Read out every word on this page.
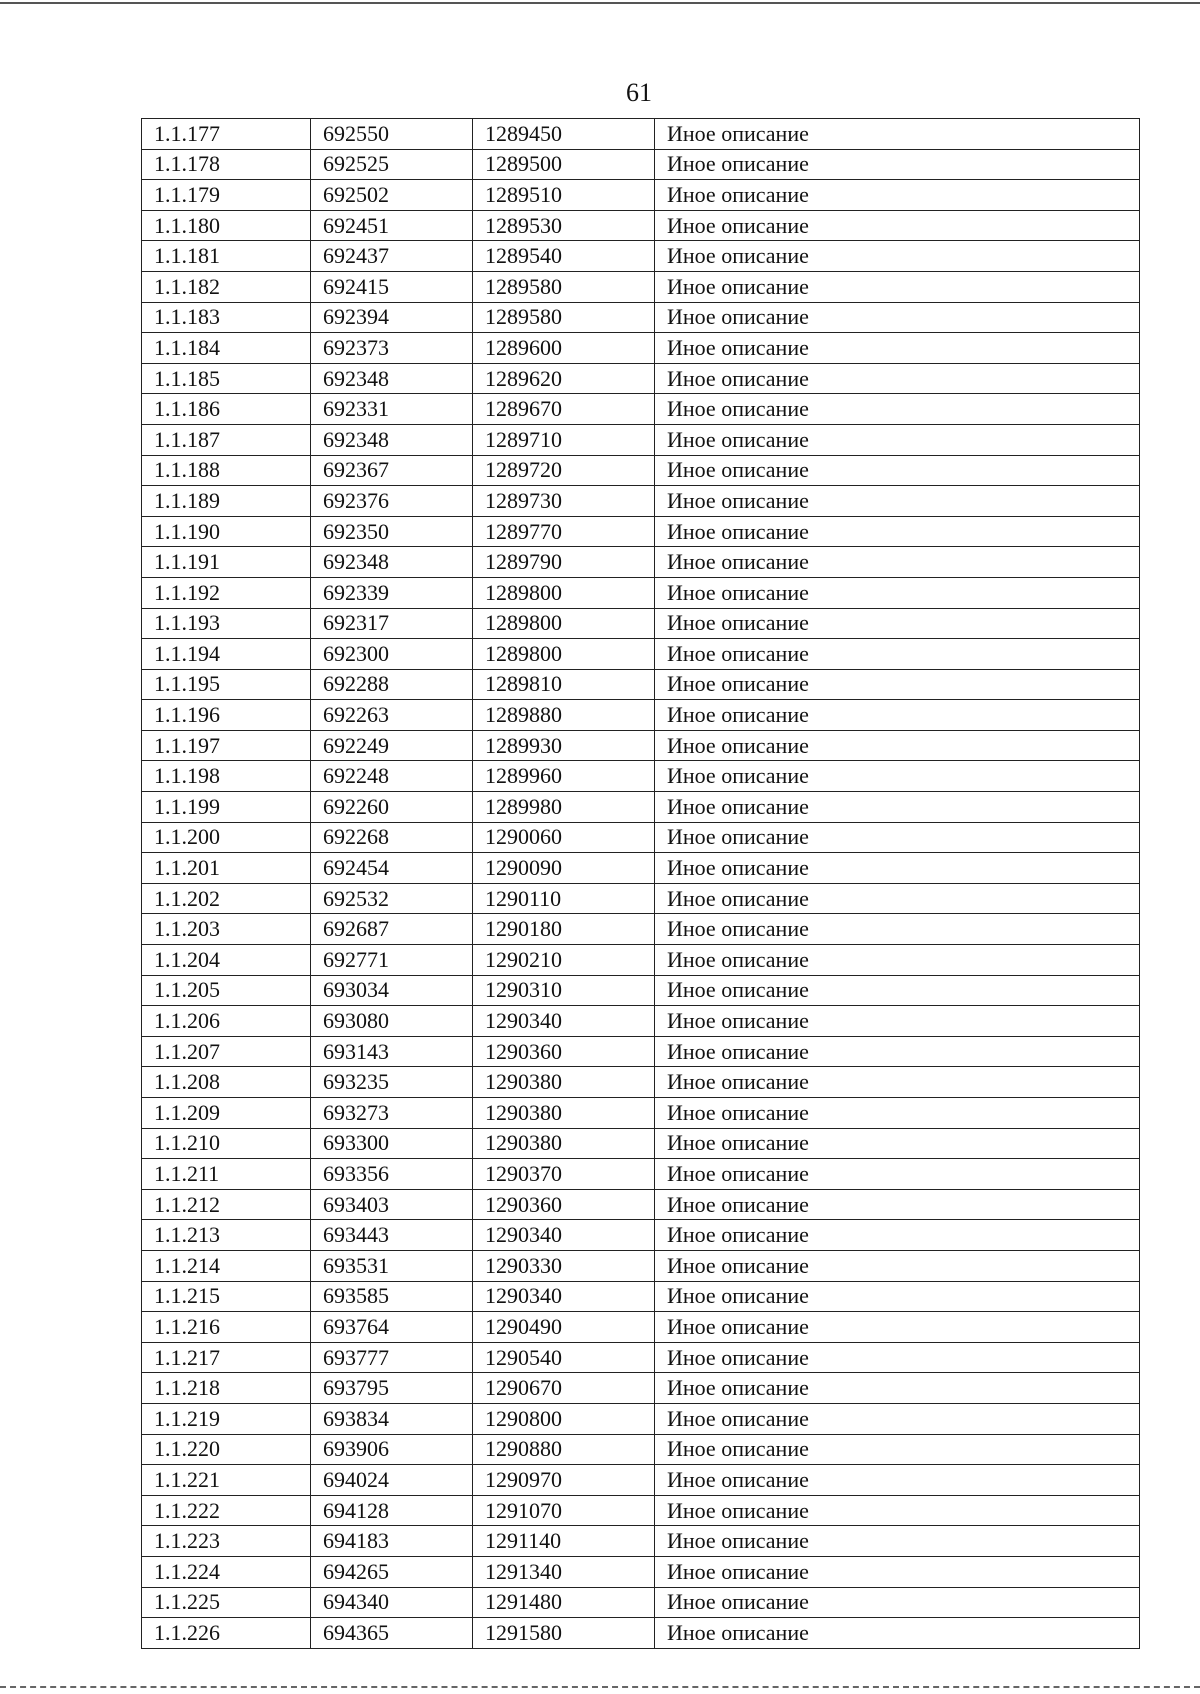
61
1.1.177	692550	1289450	Иное описание
1.1.178	692525	1289500	Иное описание
1.1.179	692502	1289510	Иное описание
1.1.180	692451	1289530	Иное описание
1.1.181	692437	1289540	Иное описание
1.1.182	692415	1289580	Иное описание
1.1.183	692394	1289580	Иное описание
1.1.184	692373	1289600	Иное описание
1.1.185	692348	1289620	Иное описание
1.1.186	692331	1289670	Иное описание
1.1.187	692348	1289710	Иное описание
1.1.188	692367	1289720	Иное описание
1.1.189	692376	1289730	Иное описание
1.1.190	692350	1289770	Иное описание
1.1.191	692348	1289790	Иное описание
1.1.192	692339	1289800	Иное описание
1.1.193	692317	1289800	Иное описание
1.1.194	692300	1289800	Иное описание
1.1.195	692288	1289810	Иное описание
1.1.196	692263	1289880	Иное описание
1.1.197	692249	1289930	Иное описание
1.1.198	692248	1289960	Иное описание
1.1.199	692260	1289980	Иное описание
1.1.200	692268	1290060	Иное описание
1.1.201	692454	1290090	Иное описание
1.1.202	692532	1290110	Иное описание
1.1.203	692687	1290180	Иное описание
1.1.204	692771	1290210	Иное описание
1.1.205	693034	1290310	Иное описание
1.1.206	693080	1290340	Иное описание
1.1.207	693143	1290360	Иное описание
1.1.208	693235	1290380	Иное описание
1.1.209	693273	1290380	Иное описание
1.1.210	693300	1290380	Иное описание
1.1.211	693356	1290370	Иное описание
1.1.212	693403	1290360	Иное описание
1.1.213	693443	1290340	Иное описание
1.1.214	693531	1290330	Иное описание
1.1.215	693585	1290340	Иное описание
1.1.216	693764	1290490	Иное описание
1.1.217	693777	1290540	Иное описание
1.1.218	693795	1290670	Иное описание
1.1.219	693834	1290800	Иное описание
1.1.220	693906	1290880	Иное описание
1.1.221	694024	1290970	Иное описание
1.1.222	694128	1291070	Иное описание
1.1.223	694183	1291140	Иное описание
1.1.224	694265	1291340	Иное описание
1.1.225	694340	1291480	Иное описание
1.1.226	694365	1291580	Иное описание
